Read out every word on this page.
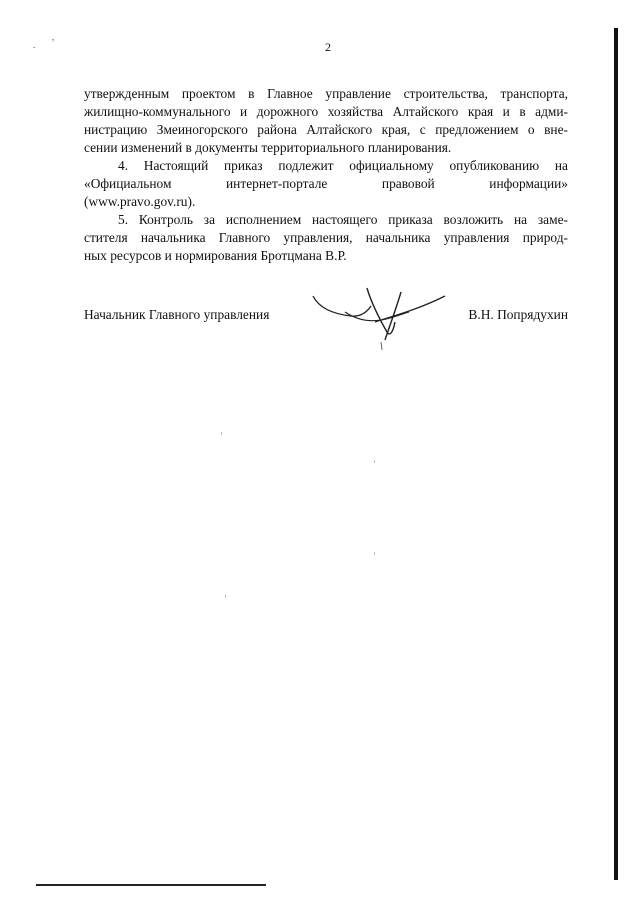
2
.
,
утвержденным проектом в Главное управление строительства, транспорта,
жилищно-коммунального и дорожного хозяйства Алтайского края и в адми-
нистрацию Змеиногорского района Алтайского края, с предложением о вне-
сении изменений в документы территориального планирования.
4. Настоящий приказ подлежит официальному опубликованию на
«Официальном интернет-портале правовой информации»
(www.pravo.gov.ru).
5. Контроль за исполнением настоящего приказа возложить на замe-
стителя начальника Главного управления, начальника управления природ-
ных ресурсов и нормирования Бротцмана В.Р.
Начальник Главного управления	В.Н. Попрядухин
